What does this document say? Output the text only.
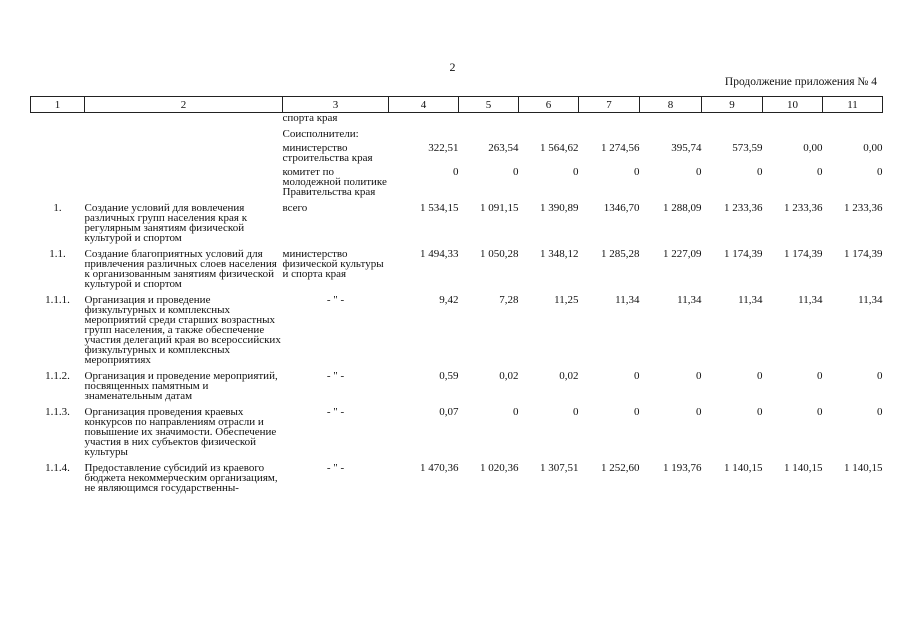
2
Продолжение приложения № 4
1	2	3	4	5	6	7	8	9	10	11
		спорта края								
		Соисполнители:								
		министерство строительства края	322,51	263,54	1 564,62	1 274,56	395,74	573,59	0,00	0,00
		комитет по молодежной политике Правительства края	0	0	0	0	0	0	0	0
1.	Создание условий для вовлечения различных групп населения края к регулярным занятиям физической культурой и спортом	всего	1 534,15	1 091,15	1 390,89	1346,70	1 288,09	1 233,36	1 233,36	1 233,36
1.1.	Создание благоприятных условий для привлечения различных слоев населения к организованным занятиям физической культурой и спортом	министерство физической культуры и спорта края	1 494,33	1 050,28	1 348,12	1 285,28	1 227,09	1 174,39	1 174,39	1 174,39
1.1.1.	Организация и проведение физкультурных и комплексных мероприятий среди старших возрастных групп населения, а также обеспечение участия делегаций края во всероссийских физкультурных и комплексных мероприятиях	- " -	9,42	7,28	11,25	11,34	11,34	11,34	11,34	11,34
1.1.2.	Организация и проведение мероприятий, посвященных памятным и знаменательным датам	- " -	0,59	0,02	0,02	0	0	0	0	0
1.1.3.	Организация проведения краевых конкурсов по направлениям отрасли и повышение их значимости. Обеспечение участия в них субъектов физической культуры	- " -	0,07	0	0	0	0	0	0	0
1.1.4.	Предоставление субсидий из краевого бюджета некоммерческим организациям, не являющимся государственны-	- " -	1 470,36	1 020,36	1 307,51	1 252,60	1 193,76	1 140,15	1 140,15	1 140,15
